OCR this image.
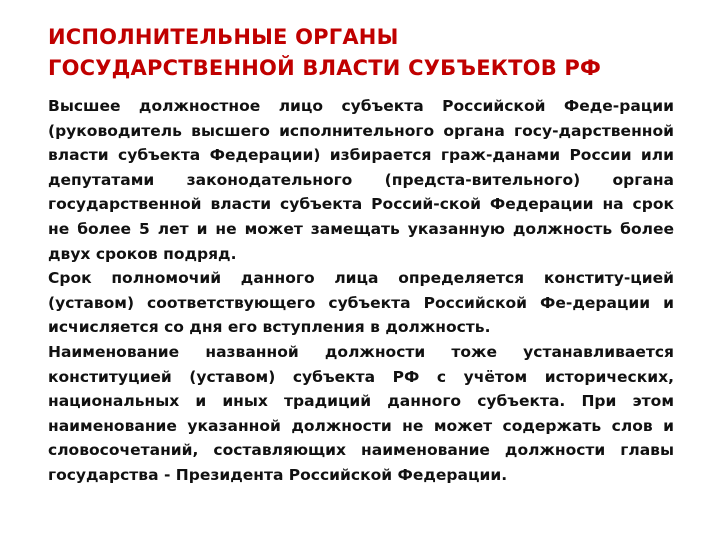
ИСПОЛНИТЕЛЬНЫЕ ОРГАНЫ
ГОСУДАРСТВЕННОЙ ВЛАСТИ СУБЪЕКТОВ РФ

Высшее должностное лицо субъекта Российской Феде-рации (руководитель высшего исполнительного органа госу-дарственной власти субъекта Федерации) избирается граж-данами России или депутатами законодательного (предста-вительного) органа государственной власти субъекта Россий-ской Федерации на срок не более 5 лет и не может замещать указанную должность более двух сроков подряд.

Срок полномочий данного лица определяется конститу-цией (уставом) соответствующего субъекта Российской Фе-дерации и исчисляется со дня его вступления в должность.

Наименование названной должности тоже устанавливается конституцией (уставом) субъекта РФ с учётом исторических, национальных и иных традиций данного субъекта. При этом наименование указанной должности не может содержать слов и словосочетаний, составляющих наименование должности главы государства - Президента Российской Федерации.
